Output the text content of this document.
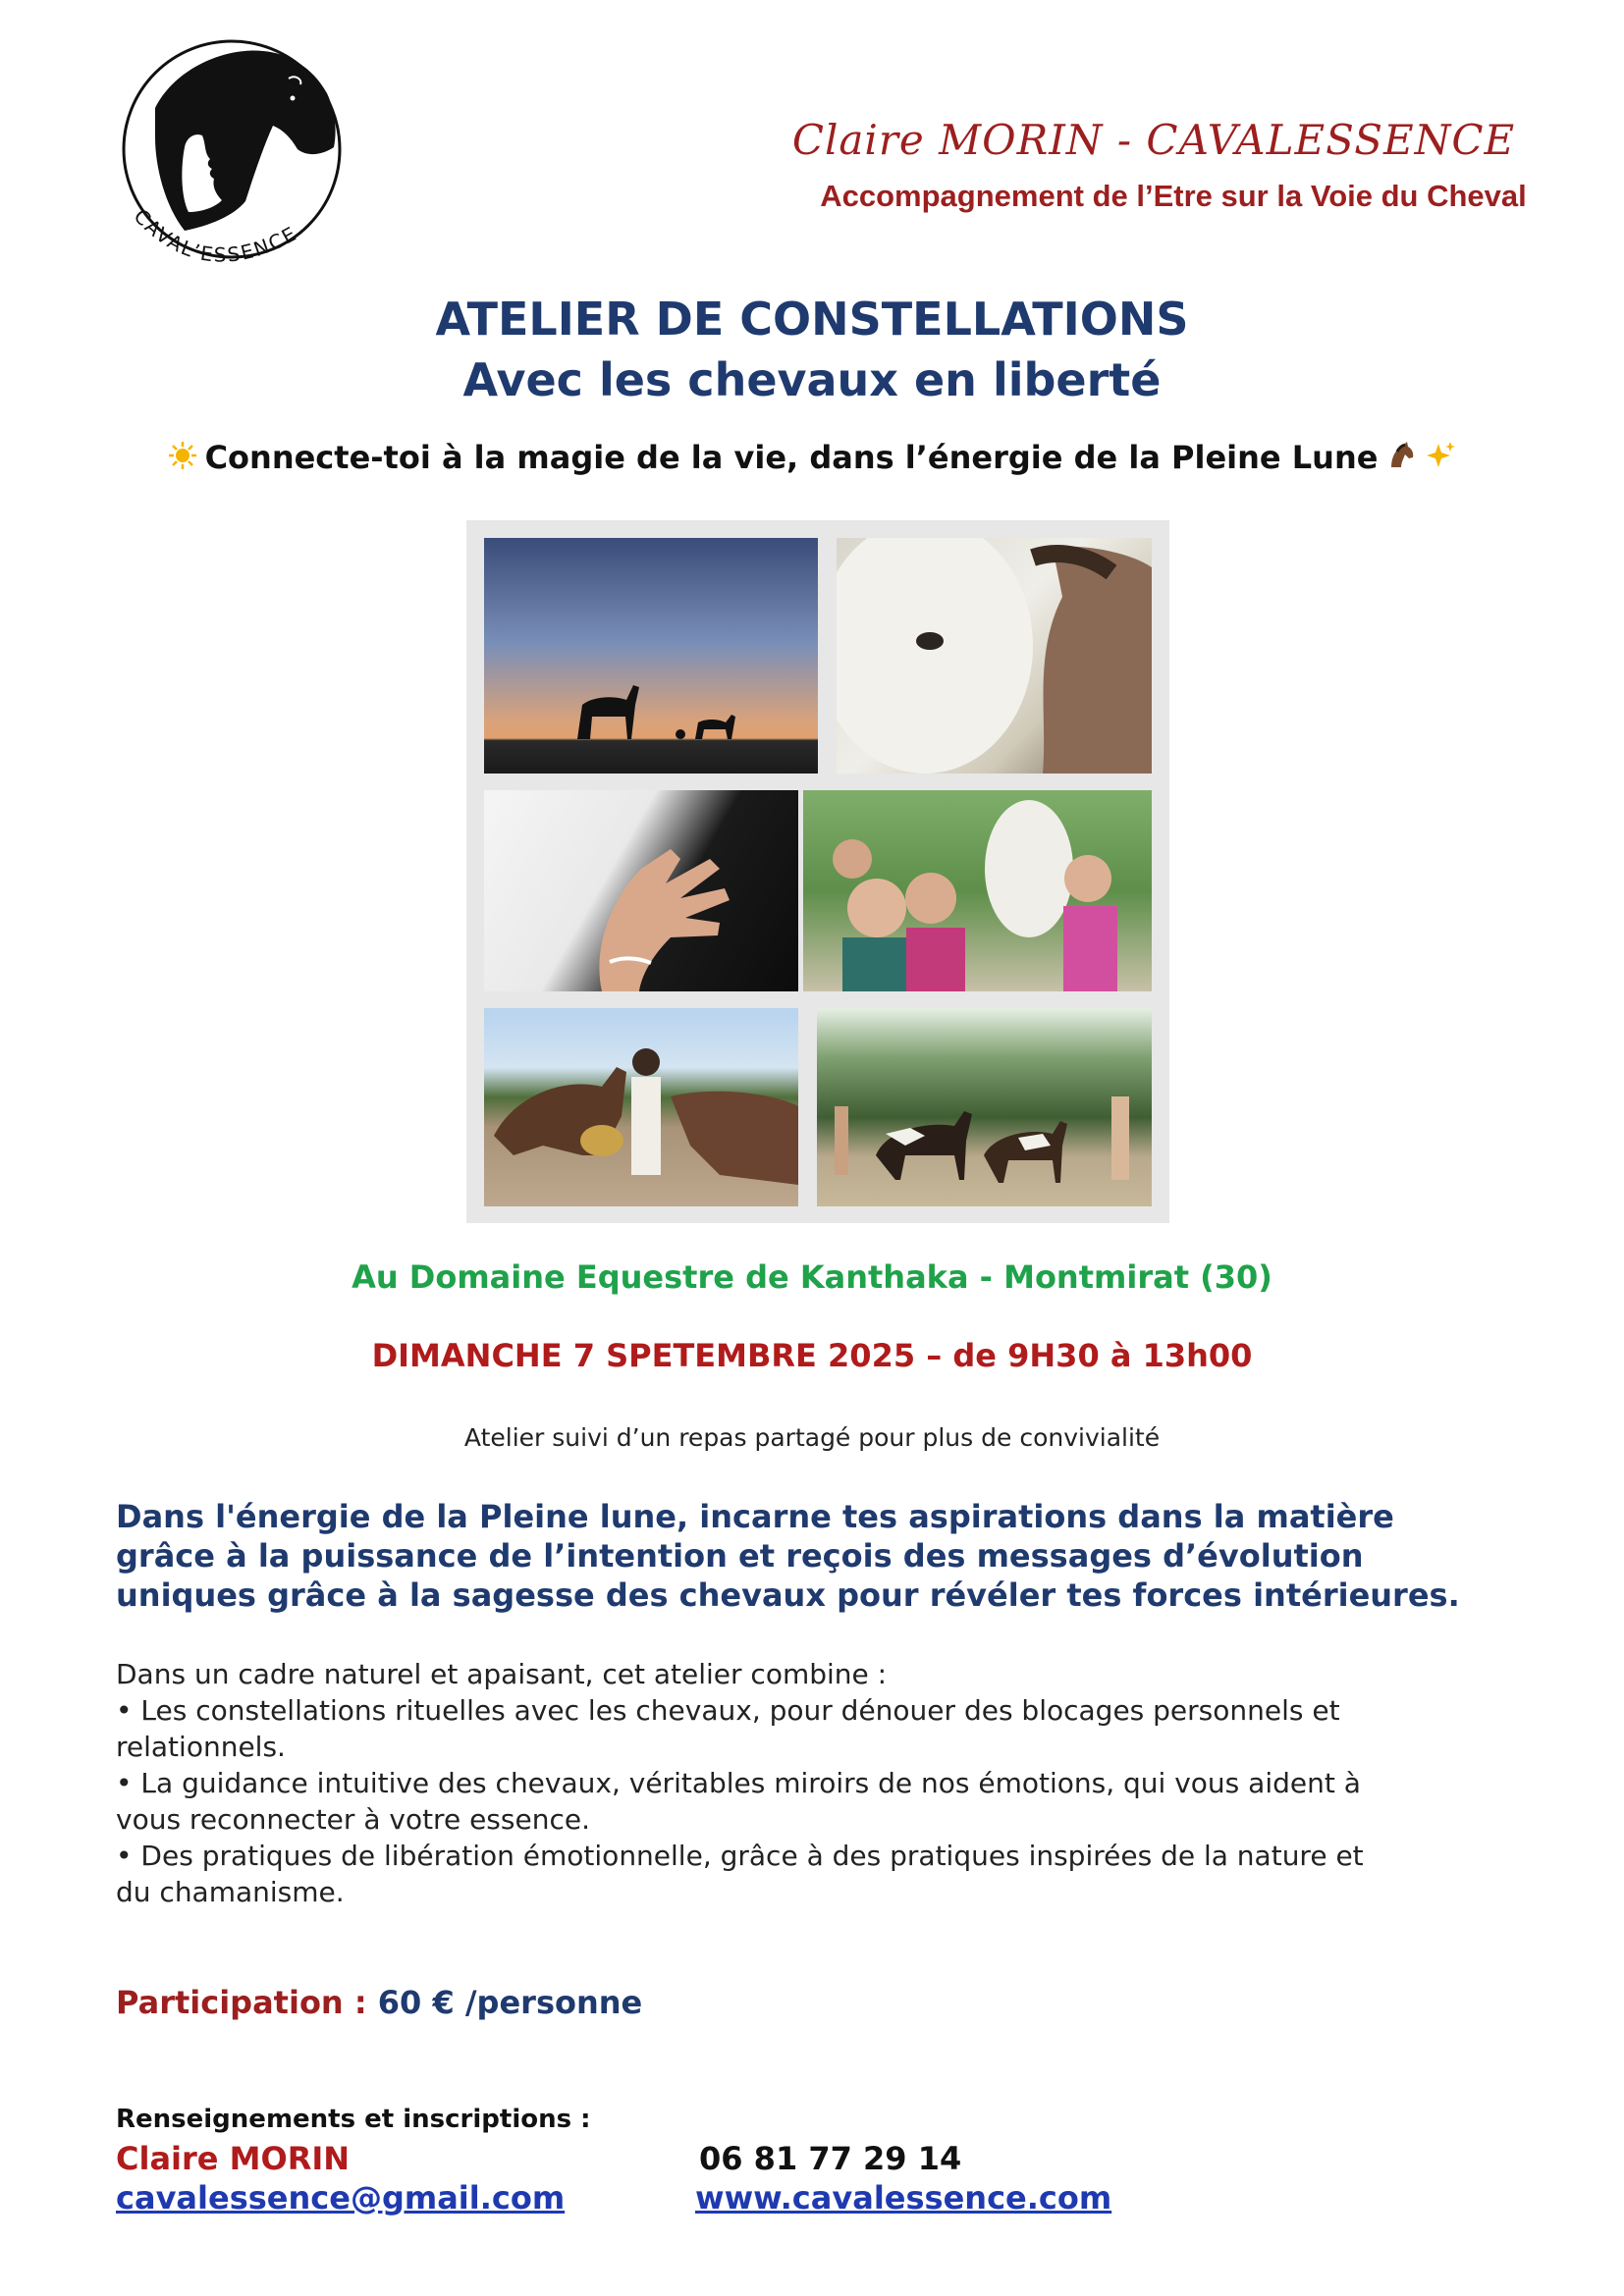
CAVAL’ESSENCE
Claire MORIN - CAVALESSENCE
Accompagnement de l’Etre sur la Voie du Cheval
ATELIER DE CONSTELLATIONS
Avec les chevaux en liberté
Connecte-toi à la magie de la vie, dans l’énergie de la Pleine Lune
Au Domaine Equestre de Kanthaka - Montmirat (30)
DIMANCHE 7 SPETEMBRE 2025 – de 9H30 à 13h00
Atelier suivi d’un repas partagé pour plus de convivialité
Dans l'énergie de la Pleine lune, incarne tes aspirations dans la matière
grâce à la puissance de l’intention et reçois des messages d’évolution
uniques grâce à la sagesse des chevaux pour révéler tes forces intérieures.
Dans un cadre naturel et apaisant, cet atelier combine :
• Les constellations rituelles avec les chevaux, pour dénouer des blocages personnels et
relationnels.
• La guidance intuitive des chevaux, véritables miroirs de nos émotions, qui vous aident à
vous reconnecter à votre essence.
• Des pratiques de libération émotionnelle, grâce à des pratiques inspirées de la nature et
du chamanisme.
Participation : 60 € /personne
Renseignements et inscriptions :
Claire MORIN	06 81 77 29 14
cavalessence@gmail.com	www.cavalessence.com
